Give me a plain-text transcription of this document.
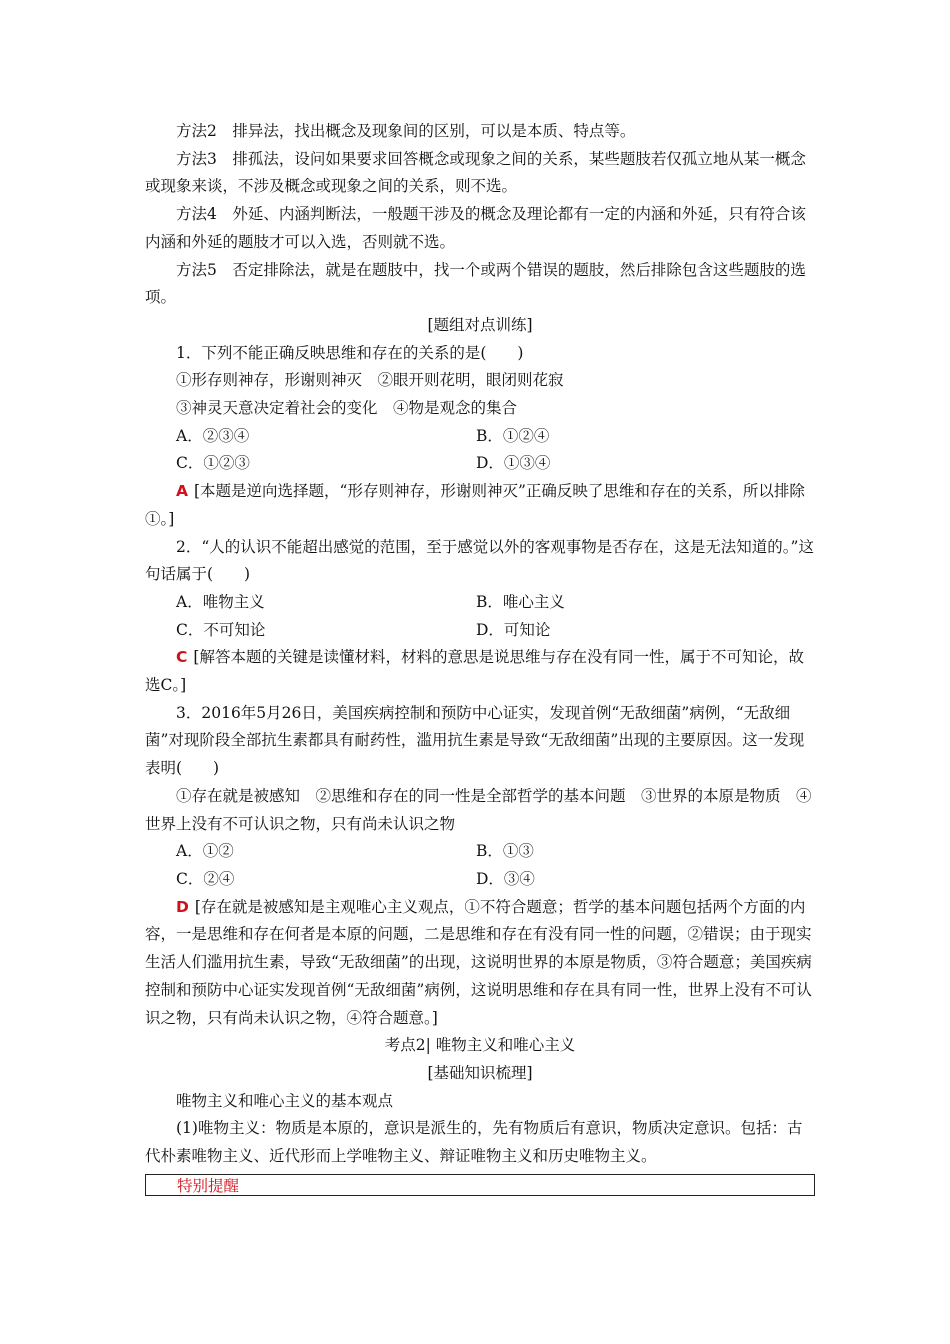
方法2　排异法，找出概念及现象间的区别，可以是本质、特点等。

方法3　排孤法，设问如果要求回答概念或现象之间的关系，某些题肢若仅孤立地从某一概念或现象来谈，不涉及概念或现象之间的关系，则不选。

方法4　外延、内涵判断法，一般题干涉及的概念及理论都有一定的内涵和外延，只有符合该内涵和外延的题肢才可以入选，否则就不选。

方法5　否定排除法，就是在题肢中，找一个或两个错误的题肢，然后排除包含这些题肢的选项。

[题组对点训练]

1．下列不能正确反映思维和存在的关系的是(　　)

①形存则神存，形谢则神灭　②眼开则花明，眼闭则花寂

③神灵天意决定着社会的变化　④物是观念的集合

A．②③④	B．①②④
C．①②③	D．①③④

A [本题是逆向选择题，“形存则神存，形谢则神灭”正确反映了思维和存在的关系，所以排除①。]

2．“人的认识不能超出感觉的范围，至于感觉以外的客观事物是否存在，这是无法知道的。”这句话属于(　　)

A．唯物主义	B．唯心主义
C．不可知论	D．可知论

C [解答本题的关键是读懂材料，材料的意思是说思维与存在没有同一性，属于不可知论，故选C。]

3．2016年5月26日，美国疾病控制和预防中心证实，发现首例“无敌细菌”病例，“无敌细菌”对现阶段全部抗生素都具有耐药性，滥用抗生素是导致“无敌细菌”出现的主要原因。这一发现表明(　　)

①存在就是被感知　②思维和存在的同一性是全部哲学的基本问题　③世界的本原是物质　④世界上没有不可认识之物，只有尚未认识之物

A．①②	B．①③
C．②④	D．③④

D [存在就是被感知是主观唯心主义观点，①不符合题意；哲学的基本问题包括两个方面的内容，一是思维和存在何者是本原的问题，二是思维和存在有没有同一性的问题，②错误；由于现实生活人们滥用抗生素，导致“无敌细菌”的出现，这说明世界的本原是物质，③符合题意；美国疾病控制和预防中心证实发现首例“无敌细菌”病例，这说明思维和存在具有同一性，世界上没有不可认识之物，只有尚未认识之物，④符合题意。]

考点2| 唯物主义和唯心主义

[基础知识梳理]

唯物主义和唯心主义的基本观点

(1)唯物主义：物质是本原的，意识是派生的，先有物质后有意识，物质决定意识。包括：古代朴素唯物主义、近代形而上学唯物主义、辩证唯物主义和历史唯物主义。

特别提醒
